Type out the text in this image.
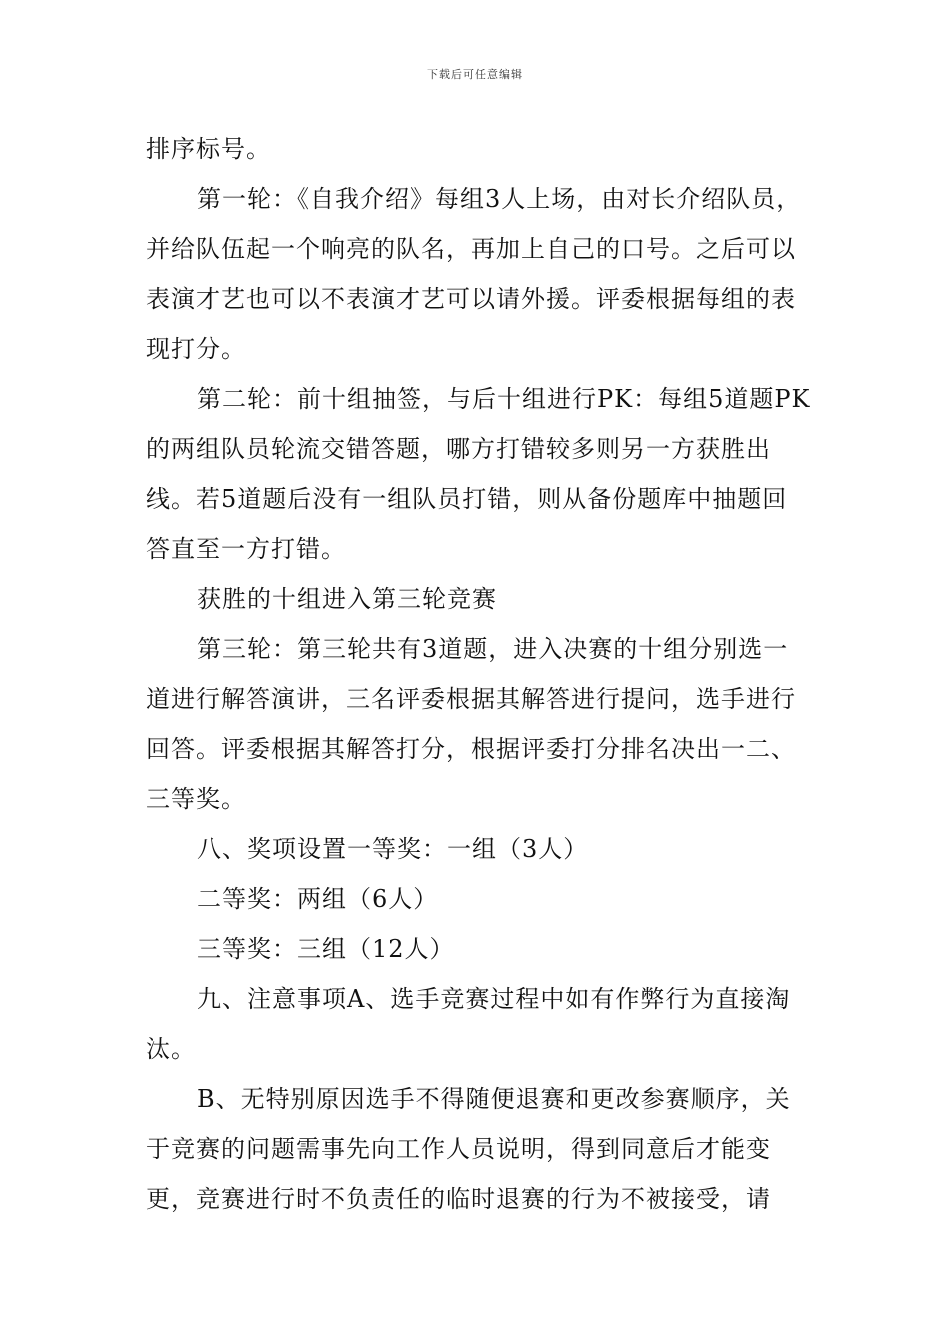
下载后可任意编辑

排序标号。

第一轮：《自我介绍》每组3人上场，由对长介绍队员，并给队伍起一个响亮的队名，再加上自己的口号。之后可以表演才艺也可以不表演才艺可以请外援。评委根据每组的表现打分。

第二轮：前十组抽签，与后十组进行PK：每组5道题PK的两组队员轮流交错答题，哪方打错较多则另一方获胜出线。若5道题后没有一组队员打错，则从备份题库中抽题回答直至一方打错。

获胜的十组进入第三轮竞赛

第三轮：第三轮共有3道题，进入决赛的十组分别选一道进行解答演讲，三名评委根据其解答进行提问，选手进行回答。评委根据其解答打分，根据评委打分排名决出一二、三等奖。

八、奖项设置一等奖：一组（3人）

二等奖：两组（6人）

三等奖：三组（12人）

九、注意事项A、选手竞赛过程中如有作弊行为直接淘汰。

B、无特别原因选手不得随便退赛和更改参赛顺序，关于竞赛的问题需事先向工作人员说明，得到同意后才能变更，竞赛进行时不负责任的临时退赛的行为不被接受，请
